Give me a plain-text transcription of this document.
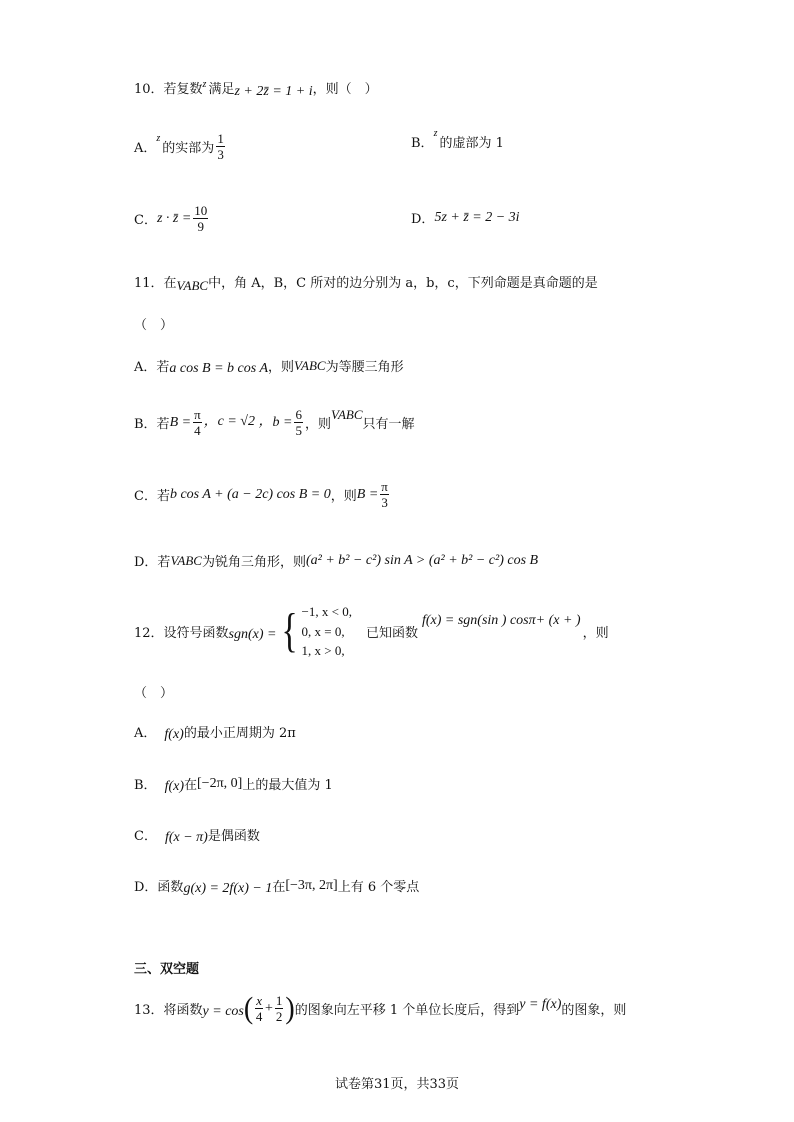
10．若复数 z 满足 z + 2z̄ = 1 + i ，则（　）
A．
z
的实部为 $\frac{1}{3}$	B．
z
的虚部为 1
C． z · z̄ = $\frac{10}{9}$	D． 5z + z̄ = 2 − 3i
11．在 VABC 中，角 A，B，C 所对的边分别为 a，b，c，下列命题是真命题的是
（　）
A．若 a cos B = b cos A ，则 VABC 为等腰三角形
B．若 $B = \frac{\pi}{4}$ ，c = √2 ， $b = \frac{6}{5}$ ，则
VABC
只有一解
C．若 b cos A + (a − 2c) cos B = 0 ，则 $B = \frac{\pi}{3}$
D．若 VABC 为锐角三角形，则 (a² + b² − c²) sin A > (a² + b² − c²) cos B
12．设符号函数 sgn(x) = { −1, x < 0,
0, x = 0,
1, x > 0,
已知函数
f(x) = sgn(sin ) cosπ+ (x + )
，则
（　）
A． f(x) 的最小正周期为 2π
B． f(x) 在 [−2π, 0] 上的最大值为 1
C． f(x − π) 是偶函数
D．函数 g(x) = 2f(x) − 1 在 [−3π, 2π] 上有 6 个零点
三、双空题
13．将函数 y = cos ( $\frac{x}{4} + \frac{1}{2}$ ) 的图象向左平移 1 个单位长度后，得到 y = f(x) 的图象，则
试卷第31页，共33页
